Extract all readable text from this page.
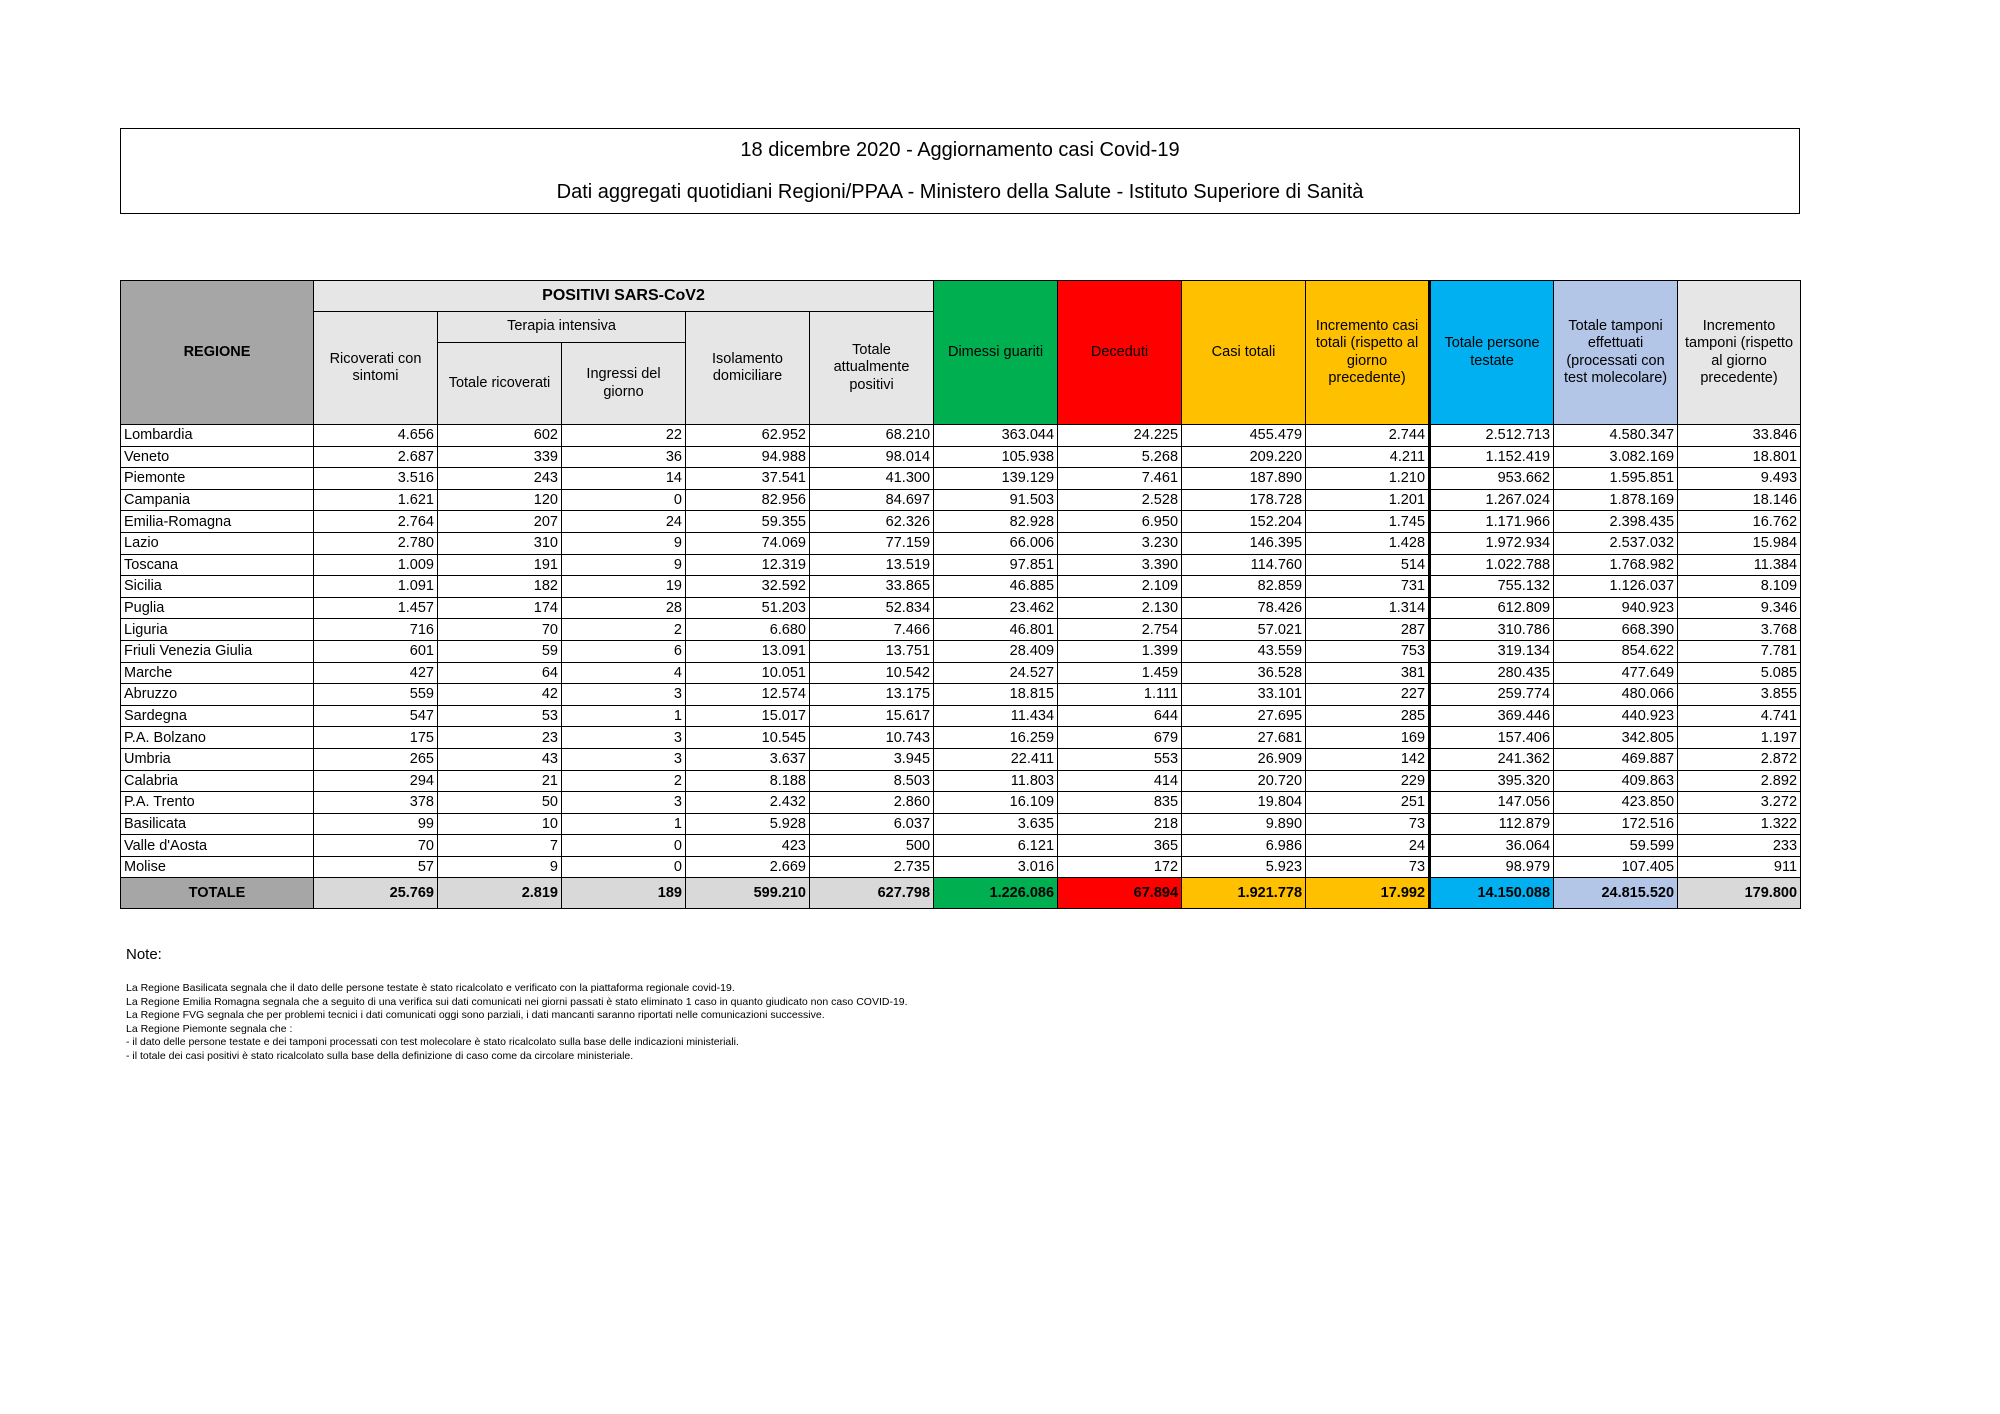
18 dicembre 2020 - Aggiornamento casi Covid-19
Dati aggregati quotidiani Regioni/PPAA - Ministero della Salute - Istituto Superiore di Sanità
REGIONE	POSITIVI SARS-CoV2					Dimessi guariti	Deceduti	Casi totali	Incremento casi totali (rispetto al giorno precedente)	Totale persone testate	Totale tamponi effettuati (processati con test molecolare)	Incremento tamponi (rispetto al giorno precedente)
	Ricoverati con sintomi	Terapia intensiva		Isolamento domiciliare	Totale attualmente positivi							
		Totale ricoverati	Ingressi del giorno									
Lombardia	4.656	602	22	62.952	68.210	363.044	24.225	455.479	2.744	2.512.713	4.580.347	33.846
Veneto	2.687	339	36	94.988	98.014	105.938	5.268	209.220	4.211	1.152.419	3.082.169	18.801
Piemonte	3.516	243	14	37.541	41.300	139.129	7.461	187.890	1.210	953.662	1.595.851	9.493
Campania	1.621	120	0	82.956	84.697	91.503	2.528	178.728	1.201	1.267.024	1.878.169	18.146
Emilia-Romagna	2.764	207	24	59.355	62.326	82.928	6.950	152.204	1.745	1.171.966	2.398.435	16.762
Lazio	2.780	310	9	74.069	77.159	66.006	3.230	146.395	1.428	1.972.934	2.537.032	15.984
Toscana	1.009	191	9	12.319	13.519	97.851	3.390	114.760	514	1.022.788	1.768.982	11.384
Sicilia	1.091	182	19	32.592	33.865	46.885	2.109	82.859	731	755.132	1.126.037	8.109
Puglia	1.457	174	28	51.203	52.834	23.462	2.130	78.426	1.314	612.809	940.923	9.346
Liguria	716	70	2	6.680	7.466	46.801	2.754	57.021	287	310.786	668.390	3.768
Friuli Venezia Giulia	601	59	6	13.091	13.751	28.409	1.399	43.559	753	319.134	854.622	7.781
Marche	427	64	4	10.051	10.542	24.527	1.459	36.528	381	280.435	477.649	5.085
Abruzzo	559	42	3	12.574	13.175	18.815	1.111	33.101	227	259.774	480.066	3.855
Sardegna	547	53	1	15.017	15.617	11.434	644	27.695	285	369.446	440.923	4.741
P.A. Bolzano	175	23	3	10.545	10.743	16.259	679	27.681	169	157.406	342.805	1.197
Umbria	265	43	3	3.637	3.945	22.411	553	26.909	142	241.362	469.887	2.872
Calabria	294	21	2	8.188	8.503	11.803	414	20.720	229	395.320	409.863	2.892
P.A. Trento	378	50	3	2.432	2.860	16.109	835	19.804	251	147.056	423.850	3.272
Basilicata	99	10	1	5.928	6.037	3.635	218	9.890	73	112.879	172.516	1.322
Valle d'Aosta	70	7	0	423	500	6.121	365	6.986	24	36.064	59.599	233
Molise	57	9	0	2.669	2.735	3.016	172	5.923	73	98.979	107.405	911
TOTALE	25.769	2.819	189	599.210	627.798	1.226.086	67.894	1.921.778	17.992	14.150.088	24.815.520	179.800
Note:
La Regione Basilicata segnala che il dato delle persone testate è stato ricalcolato e verificato con la piattaforma regionale covid-19.
La Regione Emilia Romagna segnala che a seguito di una verifica sui dati comunicati nei giorni passati è stato eliminato 1 caso in quanto giudicato non caso COVID-19.
La Regione FVG segnala che per problemi tecnici i dati comunicati oggi sono parziali, i dati mancanti saranno riportati nelle comunicazioni successive.
La Regione Piemonte segnala che :
- il dato delle persone testate e dei tamponi processati con test molecolare è stato ricalcolato sulla base delle indicazioni ministeriali.
- il totale dei casi positivi è stato ricalcolato sulla base della definizione di caso come da circolare ministeriale.
